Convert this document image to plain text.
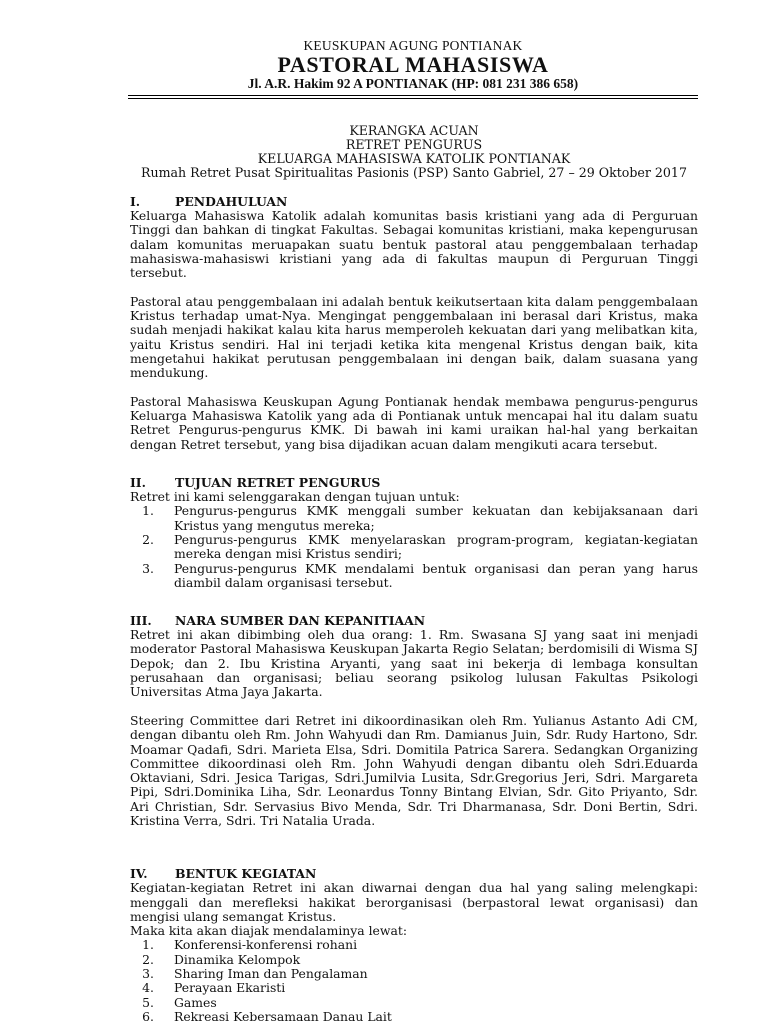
KEUSKUPAN AGUNG PONTIANAK
PASTORAL MAHASISWA
Jl. A.R. Hakim 92 A PONTIANAK (HP: 081 231 386 658)
KERANGKA ACUAN
RETRET PENGURUS
KELUARGA MAHASISWA KATOLIK PONTIANAK
Rumah Retret Pusat Spiritualitas Pasionis (PSP) Santo Gabriel, 27 – 29 Oktober 2017
I.	PENDAHULUAN

Keluarga Mahasiswa Katolik adalah komunitas basis kristiani yang ada di Perguruan Tinggi dan bahkan di tingkat Fakultas. Sebagai komunitas kristiani, maka kepengurusan dalam komunitas meruapakan suatu bentuk pastoral atau penggembalaan terhadap mahasiswa-mahasiswi kristiani yang ada di fakultas maupun di Perguruan Tinggi tersebut.

Pastoral atau penggembalaan ini adalah bentuk keikutsertaan kita dalam penggembalaan Kristus terhadap umat-Nya. Mengingat penggembalaan ini berasal dari Kristus, maka sudah menjadi hakikat kalau kita harus memperoleh kekuatan dari yang melibatkan kita, yaitu Kristus sendiri. Hal ini terjadi ketika kita mengenal Kristus dengan baik, kita mengetahui hakikat perutusan penggembalaan ini dengan baik, dalam suasana yang mendukung.

Pastoral Mahasiswa Keuskupan Agung Pontianak hendak membawa pengurus-pengurus Keluarga Mahasiswa Katolik yang ada di Pontianak untuk mencapai hal itu dalam suatu Retret Pengurus-pengurus KMK. Di bawah ini kami uraikan hal-hal yang berkaitan dengan Retret tersebut, yang bisa dijadikan acuan dalam mengikuti acara tersebut.

II.	TUJUAN RETRET PENGURUS

Retret ini kami selenggarakan dengan tujuan untuk:

1. Pengurus-pengurus KMK menggali sumber kekuatan dan kebijaksanaan dari Kristus yang mengutus mereka;
2. Pengurus-pengurus KMK menyelaraskan program-program, kegiatan-kegiatan mereka dengan misi Kristus sendiri;
3. Pengurus-pengurus KMK mendalami bentuk organisasi dan peran yang harus diambil dalam organisasi tersebut.
III.	NARA SUMBER DAN KEPANITIAAN

Retret ini akan dibimbing oleh dua orang: 1. Rm. Swasana SJ yang saat ini menjadi moderator Pastoral Mahasiswa Keuskupan Jakarta Regio Selatan; berdomisili di Wisma SJ Depok; dan 2. Ibu Kristina Aryanti, yang saat ini bekerja di lembaga konsultan perusahaan dan organisasi; beliau seorang psikolog lulusan Fakultas Psikologi Universitas Atma Jaya Jakarta.

Steering Committee dari Retret ini dikoordinasikan oleh Rm. Yulianus Astanto Adi CM, dengan dibantu oleh Rm. John Wahyudi dan Rm. Damianus Juin, Sdr. Rudy Hartono, Sdr. Moamar Qadafi, Sdri. Marieta Elsa, Sdri. Domitila Patrica Sarera. Sedangkan Organizing Committee dikoordinasi oleh Rm. John Wahyudi dengan dibantu oleh Sdri.Eduarda Oktaviani, Sdri. Jesica Tarigas, Sdri.Jumilvia Lusita, Sdr.Gregorius Jeri, Sdri. Margareta Pipi, Sdri.Dominika Liha, Sdr. Leonardus Tonny Bintang Elvian, Sdr. Gito Priyanto, Sdr. Ari Christian, Sdr. Servasius Bivo Menda, Sdr. Tri Dharmanasa, Sdr. Doni Bertin, Sdri. Kristina Verra, Sdri. Tri Natalia Urada.

IV.	BENTUK KEGIATAN

Kegiatan-kegiatan Retret ini akan diwarnai dengan dua hal yang saling melengkapi: menggali dan merefleksi hakikat berorganisasi (berpastoral lewat organisasi) dan mengisi ulang semangat Kristus.

Maka kita akan diajak mendalaminya lewat:
1. Konferensi-konferensi rohani
2. Dinamika Kelompok
3. Sharing Iman dan Pengalaman
4. Perayaan Ekaristi
5. Games
6. Rekreasi Kebersamaan Danau Lait
